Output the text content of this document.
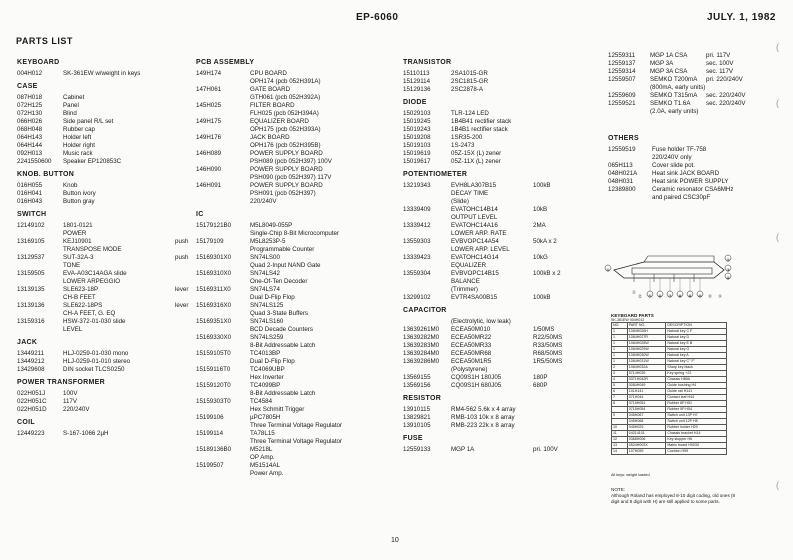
EP-6060	JULY. 1, 1982
PARTS LIST
KEYBOARD
004H012	SK-361EW w/weight in keys
CASE
087H018	Cabinet
072H125	Panel
072H130	Blind
066H026	Side panel R/L set
068H048	Rubber cap
064H143	Holder left
064H144	Holder right
092H013	Music rack
2241550600	Speaker EP120853C
KNOB. BUTTON
016H055	Knob
016H041	Button ivory
016H043	Button gray
SWITCH
12149102	1801-0121
POWER
13169105	KEJ10901	push
TRANSPOSE MODE
13129537	SUT-32A-3	push
TONE
13159505	EVA-A03C14AGA slide
LOWER ARPEGGIO
13139135	SLE623-18P	lever
CH-B FEET
13139136	SLE622-18PS	lever
CH-A FEET, G. EQ
13159316	HSW-372-01-030 slide
LEVEL
JACK
13449211	HLJ-0259-01-030 mono
13449212	HLJ-0259-01-010 stereo
13429608	DIN socket TLCS0250
POWER TRANSFORMER
022H051J	100V
022H051C	117V
022H051D	220/240V
COIL
12449223	S-167-1066 2µH
PCB ASSEMBLY
149H174	CPU BOARD
OPH174 (pcb 052H391A)
147H061	GATE BOARD
GTH061 (pcb 052H392A)
145H025	FILTER BOARD
FLH025 (pcb 052H394A)
149H175	EQUALIZER BOARD
OPH175 (pcb 052H393A)
149H176	JACK BOARD
OPH176 (pcb 052H395B)
146H089	POWER SUPPLY BOARD
PSH089 (pcb 052H397) 100V
146H090	POWER SUPPLY BOARD
PSH090 (pcb 052H397) 117V
146H091	POWER SUPPLY BOARD
PSH091 (pcb 052H397)
220/240V
IC
15179121B0	M5L8049-055P
Single-Chip 8-Bit Microcomputer
15179109	M5L8253P-5
Programmable Counter
15169301X0	SN74LS00
Quad 2-Input NAND Gate
15169310X0	SN74LS42
One-Of-Ten Decoder
15169311X0	SN74LS74
Dual D-Flip Flop
15169316X0	SN74LS125
Quad 3-State Buffers
15169351X0	SN74LS160
BCD Decade Counters
15169330X0	SN74LS259
8-Bit Addressable Latch
15159105T0	TC4013BP
Dual D-Flip Flop
15159116T0	TC4069UBP
Hex Inverter
15159120T0	TC4099BP
8-Bit Addressable Latch
15159303T0	TC4584
Hex Schmitt Trigger
15199106	µPC7805H
Three Terminal Voltage Regulator
15199114	TA78L15
Three Terminal Voltage Regulator
15189136B0	M5218L
OP Amp.
15199507	M51514AL
Power Amp.
TRANSISTOR
15110113	2SA1015-GR
15129114	2SC1815-GR
15129136	2SC2878-A
DIODE
15029103	TLR-124 LED
15019245	1B4B41 rectifier stack
15019243	1B4B1 rectifier stack
15019208	1SR35-200
15019103	1S-2473
15019619	05Z-15X (L) zener
15019617	05Z-11X (L) zener
POTENTIOMETER
13219343	EVH8LA307B15	100kB
DECAY TIME
(Slide)
13339409	EVATOHC14B14	10kB
OUTPUT LEVEL
13339412	EVATOHC14A16	2MA
LOWER ARP. RATE
13559303	EVBVOPC14A54	50kA x 2
LOWER ARP. LEVEL
13339423	EVATOHC14G14	10kG
EQUALIZER
13559304	EVBVOPC14B15	100kB x 2
BALANCE
(Trimmer)
13299102	EVTR4SA00B15	100kB
CAPACITOR
(Electrolytic, low leak)
13639261M0	ECEA50M010	1/50MS
13639282M0	ECEA50MR22	R22/50MS
13639283M0	ECEA50MR33	R33/50MS
13639284M0	ECEA50MR68	R68/50MS
13639286M0	ECEA50M1R5	1R5/50MS
(Polystyrene)
13569155	CQ09S1H 180J05	180P
13569156	CQ09S1H 680J05	680P
RESISTOR
13910115	RM4-562 5.6k x 4 array
13829821	RMB-103 10k x 8 array
13910105	RMB-223 22k x 8 array
FUSE
12559133	MGP 1A	pri. 100V
12559311	MGP 1A CSA	pri. 117V
12559137	MGP 3A	sec. 100V
12559314	MGP 3A CSA	sec. 117V
12559507	SEMKO T200mA	pri. 220/240V
(800mA, early units)
12559609	SEMKO T315mA	sec. 220/240V
12559521	SEMKO T1.6A	sec. 220/240V
(2.0A, early units)
OTHERS
12559519	Fuse holder TF-758
220/240V only
065H113	Cover slide pot.
048H021A	Heat sink JACK BOARD
048H031	Heat sink POWER SUPPLY
12389800	Ceramic resonator CSA6MHz
and paired CSC30pF
①
②
③
④
⑤ ⑥ ⑦ ⑧ ⑨ ⑩
⑪
⑫	⑬ ⑭
KEYBOARD PARTS
SK-361EW 004H012
NO.	PART NO.	DESCRIPTION
1	1084H026H	Natural key C F
1	1084H027R	Natural key D
1	1084H028W	Natural key E B
1	1084H029W	Natural key G
1	1084H030W	Natural key A
1	1084H031W	Natural key C'' F''
2	1084H032A	Sharp key black
3	5714H039	Key spring +22
4	0371H042R	Chassis H89A
5	0084H049	Guide bushing H4
6	101H141	Guide rail H141
7	071H044	Contact leaf H44
8	0715H051	Rubber 8P H51
	0715H054	Rubber 5P H54
9	045H067	Switch unit 13P H7
	045H068	Switch unit 12P H8
10	045H029	Rubber holder H29
11	04214101	Chassis bracket H14
12	0368H006	Key stopper H6
13	0524H003X	Matrix board H003X
14	107H059	Cushion H59
All keys: weight loaded
NOTE:
Although Roland has employed 8-10 digit coding, old ones (8 digit and 8 digit with H) are still applied to some parts.
(
(
(
(
10
